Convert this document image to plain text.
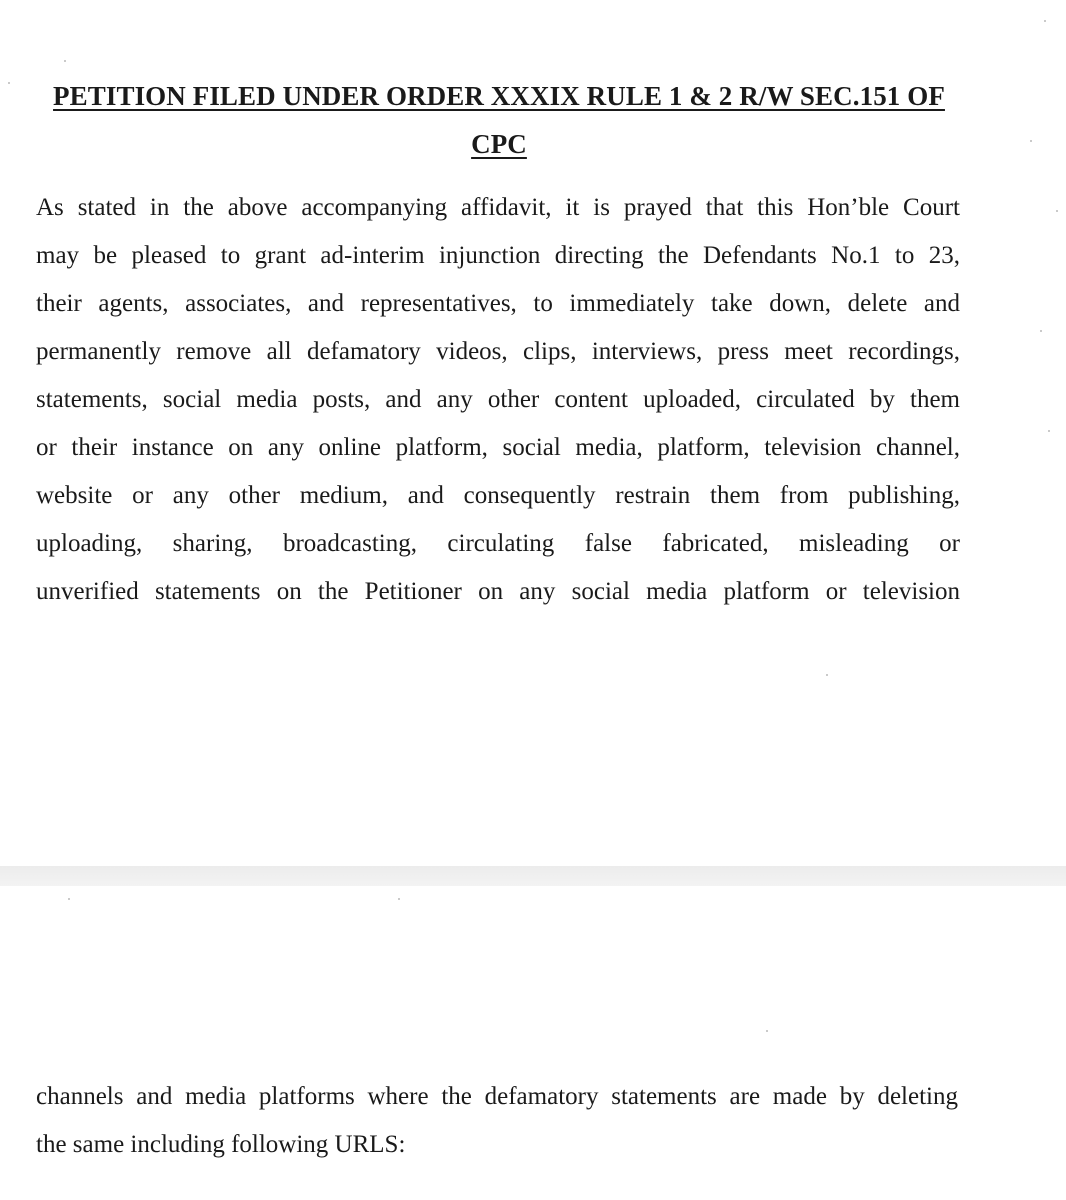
PETITION FILED UNDER ORDER XXXIX RULE 1 & 2 R/W SEC.151 OF
CPC
As stated in the above accompanying affidavit, it is prayed that this Hon’ble Court
may be pleased to grant ad-interim injunction directing the Defendants No.1 to 23,
their agents, associates, and representatives, to immediately take down, delete and
permanently remove all defamatory videos, clips, interviews, press meet recordings,
statements, social media posts, and any other content uploaded, circulated by them
or their instance on any online platform, social media, platform, television channel,
website or any other medium, and consequently restrain them from publishing,
uploading, sharing, broadcasting, circulating false fabricated, misleading or
unverified statements on the Petitioner on any social media platform or television
channels and media platforms where the defamatory statements are made by deleting
the same including following URLS:
